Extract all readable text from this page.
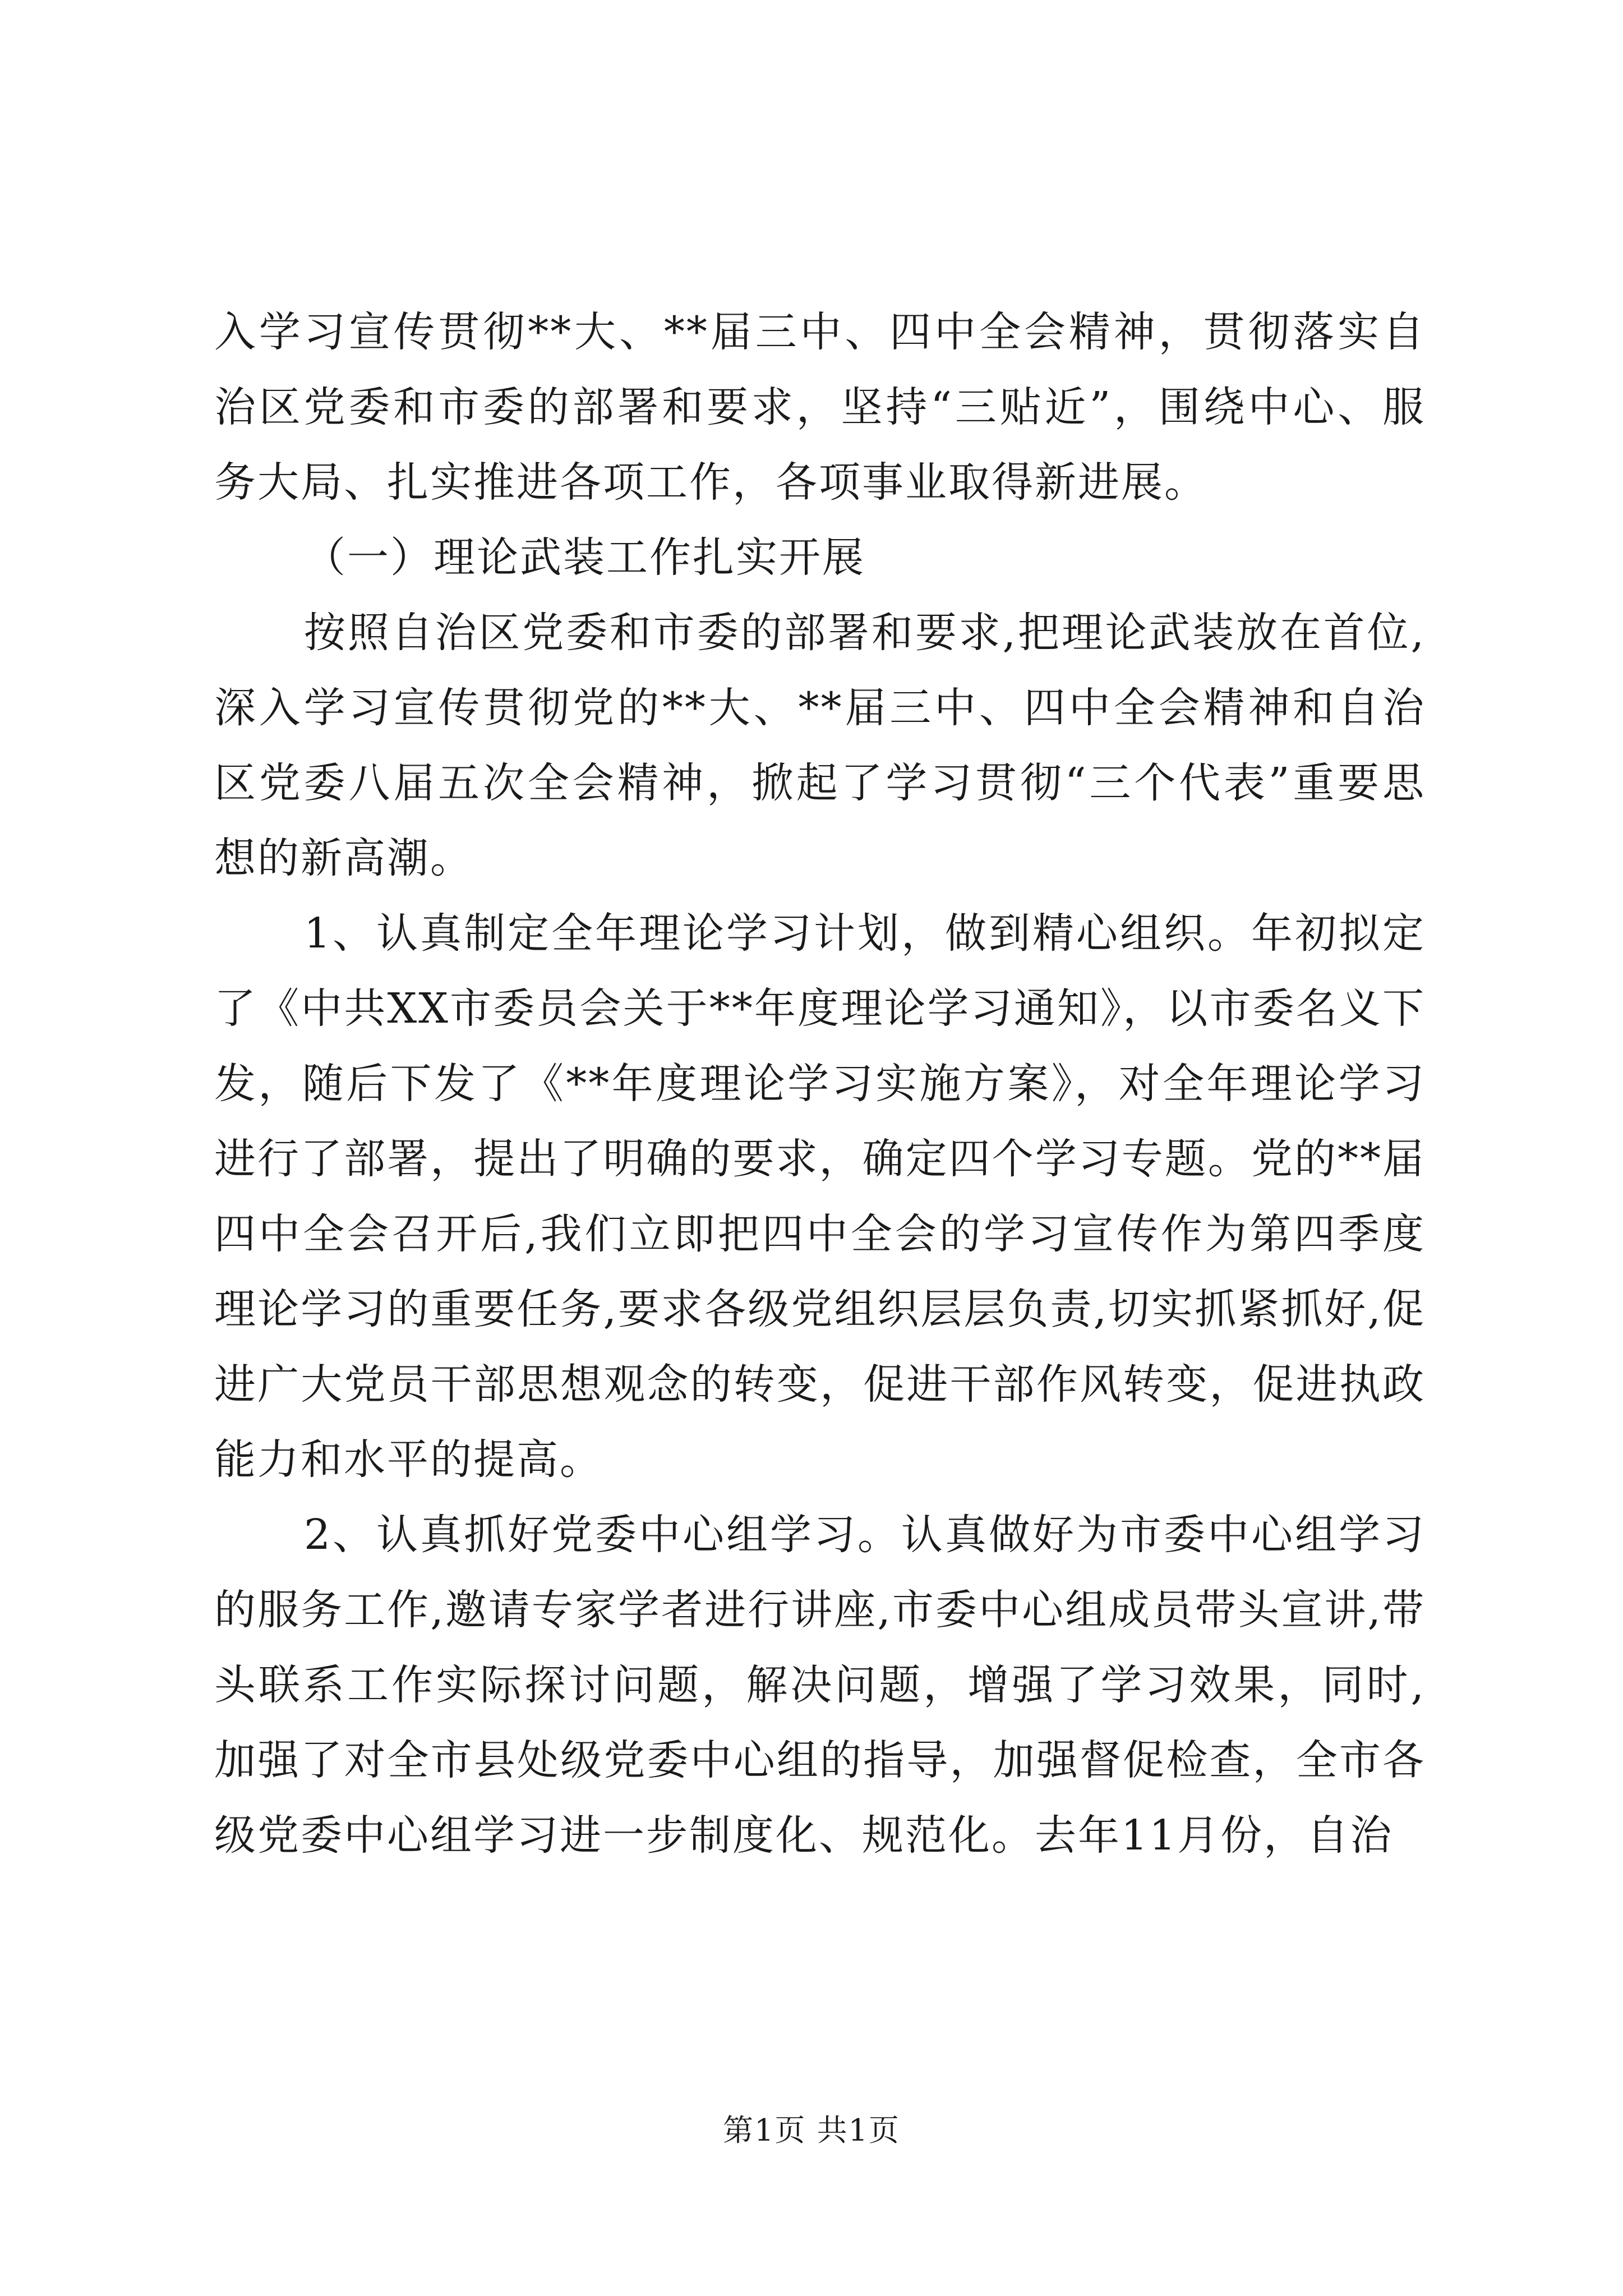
入学习宣传贯彻**大、**届三中、四中全会精神，贯彻落实自治区党委和市委的部署和要求，坚持“三贴近”，围绕中心、服务大局、扎实推进各项工作，各项事业取得新进展。

（一）理论武装工作扎实开展

按照自治区党委和市委的部署和要求,把理论武装放在首位,深入学习宣传贯彻党的**大、**届三中、四中全会精神和自治区党委八届五次全会精神，掀起了学习贯彻“三个代表”重要思想的新高潮。

1、认真制定全年理论学习计划，做到精心组织。年初拟定了《中共XX市委员会关于**年度理论学习通知》，以市委名义下发，随后下发了《**年度理论学习实施方案》，对全年理论学习进行了部署，提出了明确的要求，确定四个学习专题。党的**届四中全会召开后,我们立即把四中全会的学习宣传作为第四季度理论学习的重要任务,要求各级党组织层层负责,切实抓紧抓好,促进广大党员干部思想观念的转变，促进干部作风转变，促进执政能力和水平的提高。

2、认真抓好党委中心组学习。认真做好为市委中心组学习的服务工作,邀请专家学者进行讲座,市委中心组成员带头宣讲,带头联系工作实际探讨问题，解决问题，增强了学习效果，同时,加强了对全市县处级党委中心组的指导，加强督促检查，全市各级党委中心组学习进一步制度化、规范化。去年11月份，自治

第1页 共1页
